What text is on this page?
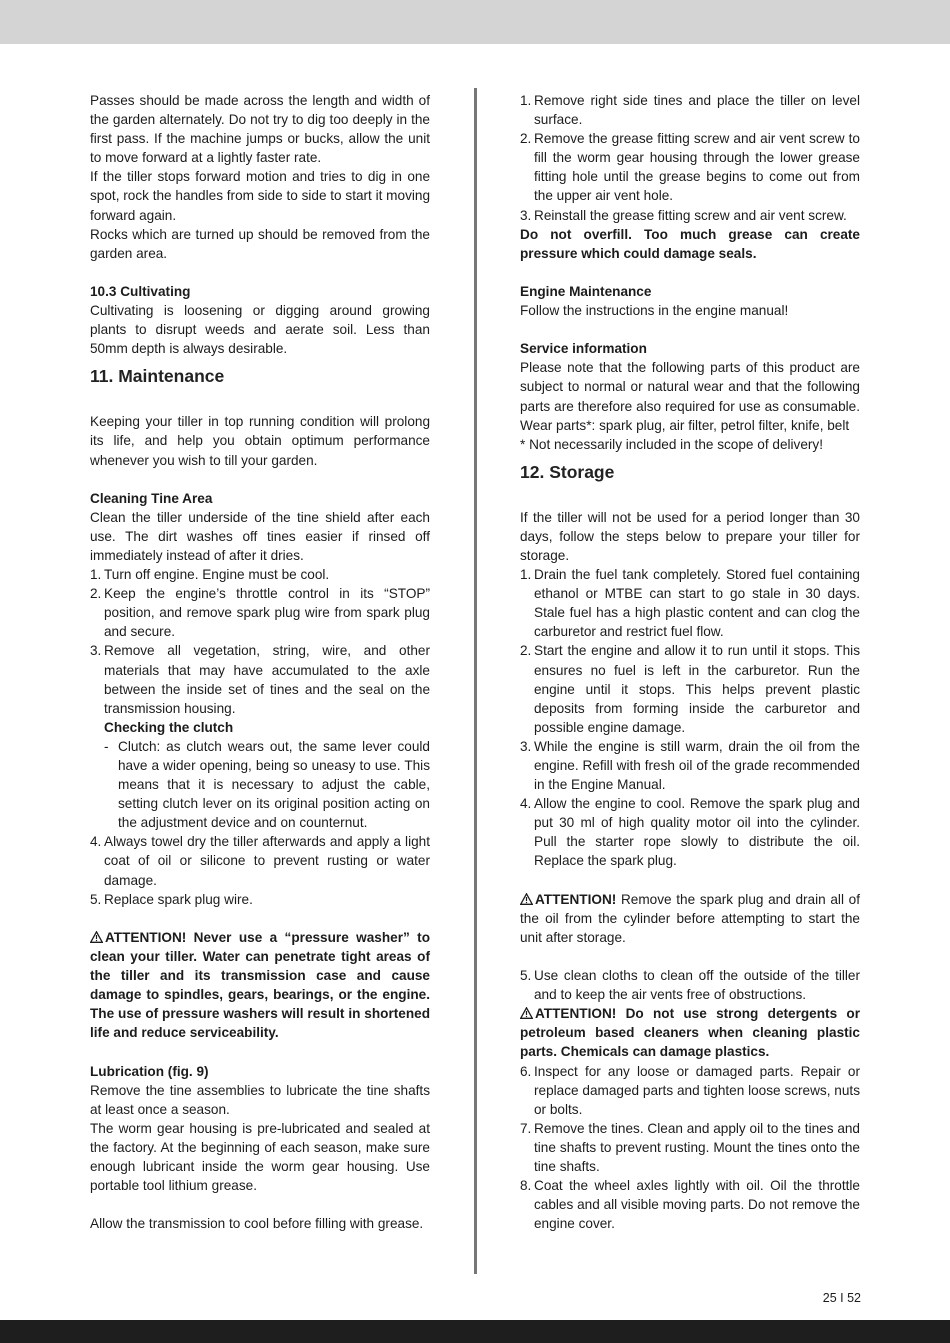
Passes should be made across the length and width of the garden alternately. Do not try to dig too deeply in the first pass. If the machine jumps or bucks, allow the unit to move forward at a lightly faster rate.

If the tiller stops forward motion and tries to dig in one spot, rock the handles from side to side to start it moving forward again.

Rocks which are turned up should be removed from the garden area.

10.3 Cultivating

Cultivating is loosening or digging around growing plants to disrupt weeds and aerate soil. Less than 50mm depth is always desirable.

11. Maintenance

Keeping your tiller in top running condition will prolong its life, and help you obtain optimum performance whenever you wish to till your garden.

Cleaning Tine Area

Clean the tiller underside of the tine shield after each use. The dirt washes off tines easier if rinsed off immediately instead of after it dries.

1. Turn off engine. Engine must be cool.

2. Keep the engine’s throttle control in its “STOP” position, and remove spark plug wire from spark plug and secure.

3. Remove all vegetation, string, wire, and other materials that may have accumulated to the axle between the inside set of tines and the seal on the transmission housing.

Checking the clutch

- Clutch: as clutch wears out, the same lever could have a wider opening, being so uneasy to use. This means that it is necessary to adjust the cable, setting clutch lever on its original position acting on the adjustment device and on counternut.

4. Always towel dry the tiller afterwards and apply a light coat of oil or silicone to prevent rusting or water damage.

5. Replace spark plug wire.

ATTENTION! Never use a “pressure washer” to clean your tiller. Water can penetrate tight areas of the tiller and its transmission case and cause damage to spindles, gears, bearings, or the engine. The use of pressure washers will result in shortened life and reduce serviceability.

Lubrication (fig. 9)

Remove the tine assemblies to lubricate the tine shafts at least once a season.

The worm gear housing is pre-lubricated and sealed at the factory. At the beginning of each season, make sure enough lubricant inside the worm gear housing. Use portable tool lithium grease.

Allow the transmission to cool before filling with grease.

1. Remove right side tines and place the tiller on level surface.

2. Remove the grease fitting screw and air vent screw to fill the worm gear housing through the lower grease fitting hole until the grease begins to come out from the upper air vent hole.

3. Reinstall the grease fitting screw and air vent screw.

Do not overfill. Too much grease can create pressure which could damage seals.

Engine Maintenance

Follow the instructions in the engine manual!

Service information

Please note that the following parts of this product are subject to normal or natural wear and that the following parts are therefore also required for use as consumable. Wear parts*: spark plug, air filter, petrol filter, knife, belt

* Not necessarily included in the scope of delivery!

12. Storage

If the tiller will not be used for a period longer than 30 days, follow the steps below to prepare your tiller for storage.

1. Drain the fuel tank completely. Stored fuel containing ethanol or MTBE can start to go stale in 30 days. Stale fuel has a high plastic content and can clog the carburetor and restrict fuel flow.

2. Start the engine and allow it to run until it stops. This ensures no fuel is left in the carburetor. Run the engine until it stops. This helps prevent plastic deposits from forming inside the carburetor and possible engine damage.

3. While the engine is still warm, drain the oil from the engine. Refill with fresh oil of the grade recommended in the Engine Manual.

4. Allow the engine to cool. Remove the spark plug and put 30 ml of high quality motor oil into the cylinder. Pull the starter rope slowly to distribute the oil. Replace the spark plug.

ATTENTION! Remove the spark plug and drain all of the oil from the cylinder before attempting to start the unit after storage.

5. Use clean cloths to clean off the outside of the tiller and to keep the air vents free of obstructions.

ATTENTION! Do not use strong detergents or petroleum based cleaners when cleaning plastic parts. Chemicals can damage plastics.

6. Inspect for any loose or damaged parts. Repair or replace damaged parts and tighten loose screws, nuts or bolts.

7. Remove the tines. Clean and apply oil to the tines and tine shafts to prevent rusting. Mount the tines onto the tine shafts.

8. Coat the wheel axles lightly with oil. Oil the throttle cables and all visible moving parts. Do not remove the engine cover.

25 I 52
